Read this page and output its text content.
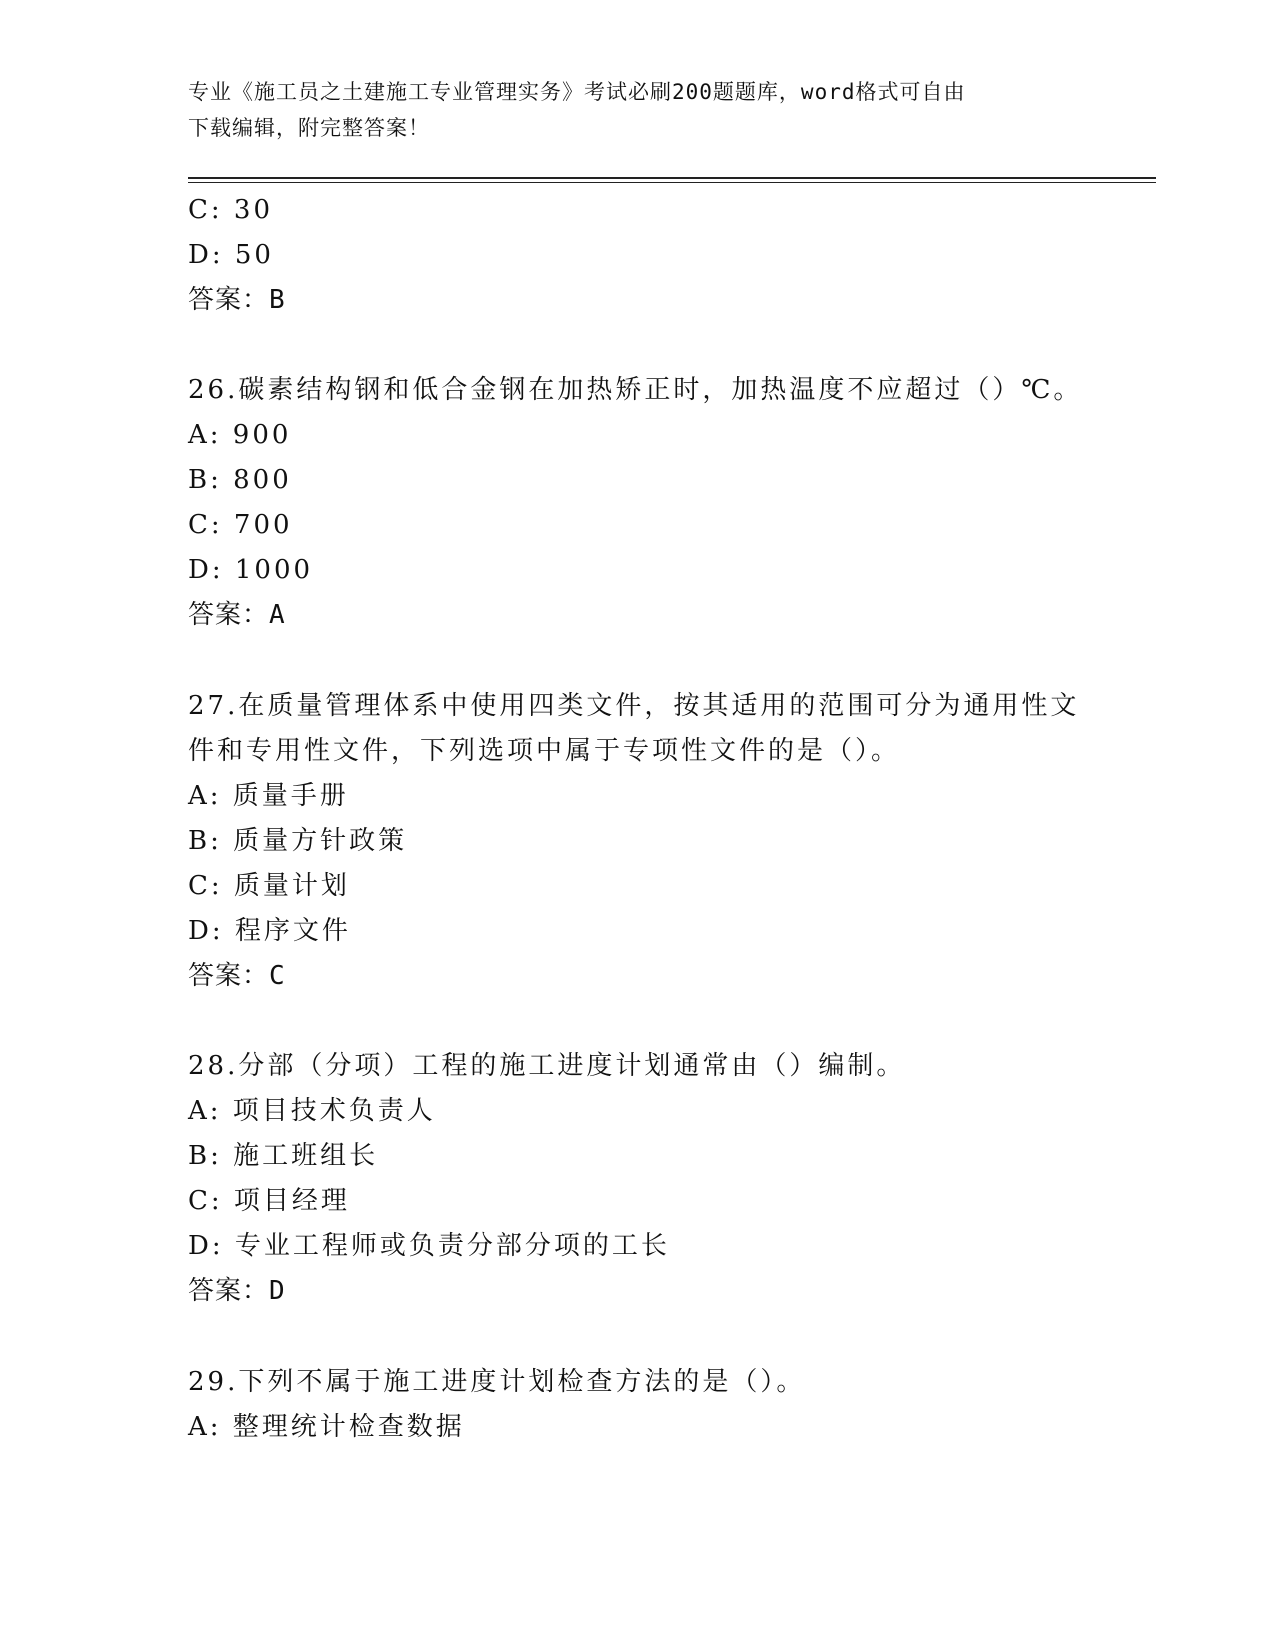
专业《施工员之土建施工专业管理实务》考试必刷200题题库，word格式可自由
下载编辑，附完整答案！
C: 30
D: 50
答案：B
26.碳素结构钢和低合金钢在加热矫正时，加热温度不应超过（）℃。
A: 900
B: 800
C: 700
D: 1000
答案：A
27.在质量管理体系中使用四类文件，按其适用的范围可分为通用性文
件和专用性文件，下列选项中属于专项性文件的是（）。
A: 质量手册
B: 质量方针政策
C: 质量计划
D: 程序文件
答案：C
28.分部（分项）工程的施工进度计划通常由（）编制。
A: 项目技术负责人
B: 施工班组长
C: 项目经理
D: 专业工程师或负责分部分项的工长
答案：D
29.下列不属于施工进度计划检查方法的是（）。
A: 整理统计检查数据
